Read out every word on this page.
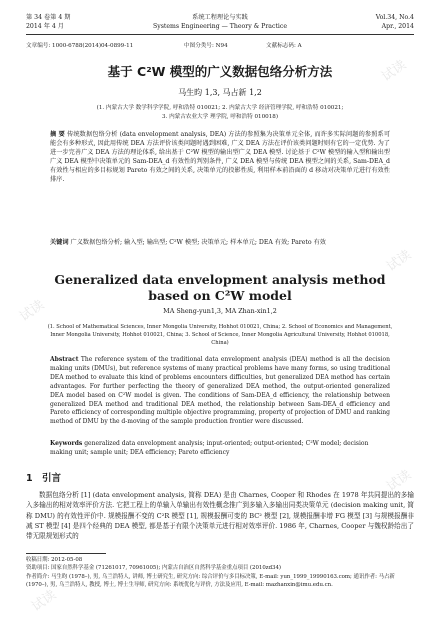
第 34 卷第 4 期	系统工程理论与实践	Vol.34, No.4
2014 年 4 月	Systems Engineering — Theory & Practice	Apr., 2014
文章编号: 1000-6788(2014)04-0899-11	中图分类号: N94	文献标志码: A
基于 C²W 模型的广义数据包络分析方法
马生昀 1,3, 马占新 1,2
(1. 内蒙古大学 数学科学学院, 呼和浩特 010021; 2. 内蒙古大学 经济管理学院, 呼和浩特 010021;
3. 内蒙古农业大学 理学院, 呼和浩特 010018)
摘 要 传统数据包络分析 (data envelopment analysis, DEA) 方法的参照集为决策单元全体, 而许多实际问题的参照系可能会有多种形式, 因此用传统 DEA 方法评价该类问题时遇到困难, 广义 DEA 方法在评价该类问题时则有它的一定优势. 为了进一步完善广义 DEA 方法的理论体系, 给出基于 C²W 模型的输出型广义 DEA 模型. 讨论基于 C²W 模型的输入型和输出型广义 DEA 模型中决策单元的 Sam-DEA_d 有效性的判别条件, 广义 DEA 模型与传统 DEA 模型之间的关系, Sam-DEA_d 有效性与相应的多目标规划 Pareto 有效之间的关系, 决策单元的投影性质, 利用样本前沿面的 d 移动对决策单元进行有效性排序.
关键词 广义数据包络分析; 输入型; 输出型; C²W 模型; 决策单元; 样本单元; DEA 有效; Pareto 有效
Generalized data envelopment analysis method based on C²W model
MA Sheng-yun1,3, MA Zhan-xin1,2
(1. School of Mathematical Sciences, Inner Mongolia University, Hohhot 010021, China; 2. School of Economics and Management, Inner Mongolia University, Hohhot 010021, China; 3. School of Science, Inner Mongolia Agricultural University, Hohhot 010018, China)
Abstract The reference system of the traditional data envelopment analysis (DEA) method is all the decision making units (DMUs), but reference systems of many practical problems have many forms, so using traditional DEA method to evaluate this kind of problems encounters difficulties, but generalized DEA method has certain advantages. For further perfecting the theory of generalized DEA method, the output-oriented generalized DEA model based on C²W model is given. The conditions of Sam-DEA_d efficiency, the relationship between generalized DEA method and traditional DEA method, the relationship between Sam-DEA_d efficiency and Pareto efficiency of corresponding multiple objective programming, property of projection of DMU and ranking method of DMU by the d-moving of the sample production frontier were discussed.
Keywords generalized data envelopment analysis; input-oriented; output-oriented; C²W model; decision making unit; sample unit; DEA efficiency; Pareto efficiency
1 引言
数据包络分析 [1] (data envelopment analysis, 简称 DEA) 是由 Charnes, Cooper 和 Rhodes 在 1978 年共同提出的多输入多输出的相对效率评价方法. 它把工程上的单输入单输出有效性概念推广到多输入多输出同类决策单元 (decision making unit, 简称 DMU) 的有效性评价中. 规模报酬不变的 C²R 模型 [1], 规模报酬可变的 BC² 模型 [2], 规模报酬非增 FG 模型 [3] 与规模报酬非减 ST 模型 [4] 是四个经典的 DEA 模型, 都是基于有限个决策单元进行相对效率评价. 1986 年, Charnes, Cooper 与魏权龄给出了带无限规划形式的

收稿日期: 2012-05-08

资助项目: 国家自然科学基金 (71261017, 70961005); 内蒙古自治区自然科学基金重点项目 (2010zd34)

作者简介: 马生昀 (1978–), 男, 乌兰浩特人, 讲师, 博士研究生, 研究方向: 综合评价与多目标决策, E-mail: yun_1999_19990163.com; 通讯作者: 马占新 (1970–), 男, 乌兰浩特人, 教授, 博士, 博士生导师, 研究方向: 系统优化与评价, 方法及应用, E-mail: mazhanxin@imu.edu.cn.

试读
试读
试读
试读
试读
